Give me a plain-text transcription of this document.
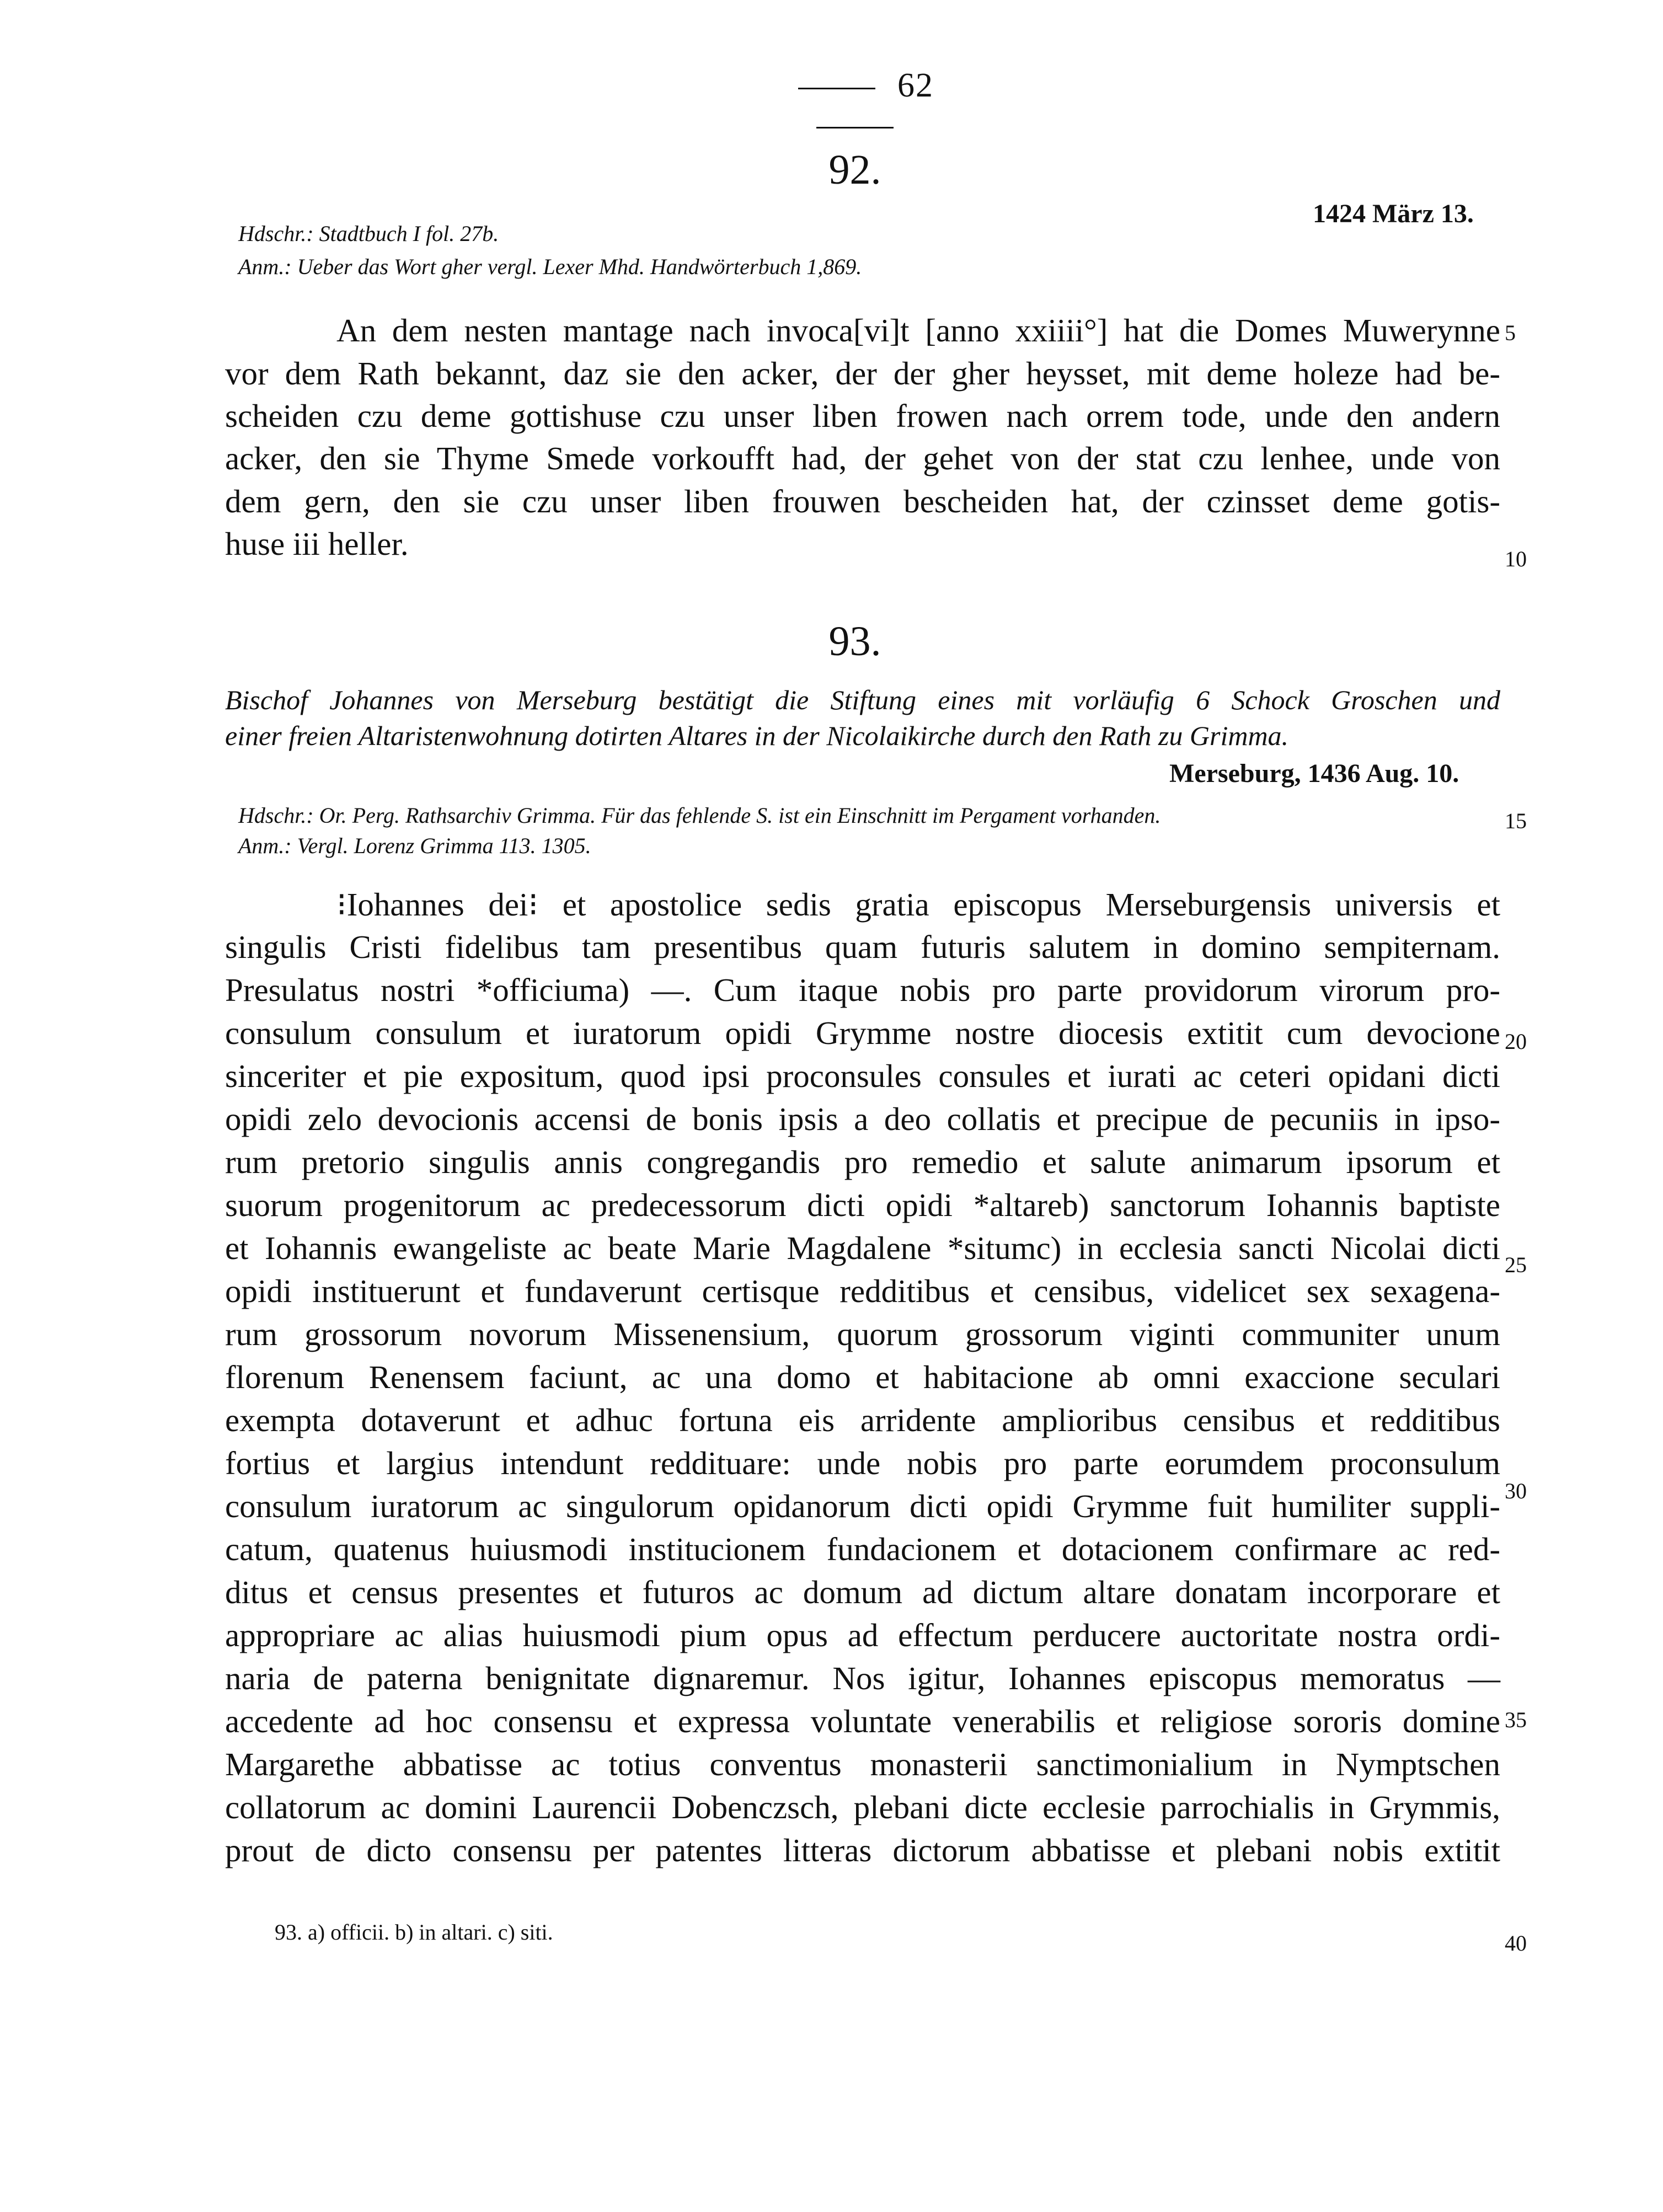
62
92.
1424 März 13.
Hdschr.: Stadtbuch I fol. 27b.
Anm.: Ueber das Wort gher vergl. Lexer Mhd. Handwörterbuch 1,869.
An dem nesten mantage nach invoca[vi]t [anno xxiiii°] hat die Domes Muwerynne
vor dem Rath bekannt, daz sie den acker, der der gher heysset, mit deme holeze had be-
scheiden czu deme gottishuse czu unser liben frowen nach orrem tode, unde den andern
acker, den sie Thyme Smede vorkoufft had, der gehet von der stat czu lenhee, unde von
dem gern, den sie czu unser liben frouwen bescheiden hat, der czinsset deme gotis-
huse iii heller.
93.
Bischof Johannes von Merseburg bestätigt die Stiftung eines mit vorläufig 6 Schock Groschen und
einer freien Altaristenwohnung dotirten Altares in der Nicolaikirche durch den Rath zu Grimma.
Merseburg, 1436 Aug. 10.
Hdschr.: Or. Perg. Rathsarchiv Grimma. Für das fehlende S. ist ein Einschnitt im Pergament vorhanden.
Anm.: Vergl. Lorenz Grimma 113. 1305.
⁝Iohannes dei⁝ et apostolice sedis gratia episcopus Merseburgensis universis et
singulis Cristi fidelibus tam presentibus quam futuris salutem in domino sempiternam.
Presulatus nostri *officiuma) —. Cum itaque nobis pro parte providorum virorum pro-
consulum consulum et iuratorum opidi Grymme nostre diocesis extitit cum devocione
sinceriter et pie expositum, quod ipsi proconsules consules et iurati ac ceteri opidani dicti
opidi zelo devocionis accensi de bonis ipsis a deo collatis et precipue de pecuniis in ipso-
rum pretorio singulis annis congregandis pro remedio et salute animarum ipsorum et
suorum progenitorum ac predecessorum dicti opidi *altareb) sanctorum Iohannis baptiste
et Iohannis ewangeliste ac beate Marie Magdalene *situmc) in ecclesia sancti Nicolai dicti
opidi instituerunt et fundaverunt certisque redditibus et censibus, videlicet sex sexagena-
rum grossorum novorum Missenensium, quorum grossorum viginti communiter unum
florenum Renensem faciunt, ac una domo et habitacione ab omni exaccione seculari
exempta dotaverunt et adhuc fortuna eis arridente amplioribus censibus et redditibus
fortius et largius intendunt reddituare: unde nobis pro parte eorumdem proconsulum
consulum iuratorum ac singulorum opidanorum dicti opidi Grymme fuit humiliter suppli-
catum, quatenus huiusmodi institucionem fundacionem et dotacionem confirmare ac red-
ditus et census presentes et futuros ac domum ad dictum altare donatam incorporare et
appropriare ac alias huiusmodi pium opus ad effectum perducere auctoritate nostra ordi-
naria de paterna benignitate dignaremur. Nos igitur, Iohannes episcopus memoratus —
accedente ad hoc consensu et expressa voluntate venerabilis et religiose sororis domine
Margarethe abbatisse ac totius conventus monasterii sanctimonialium in Nymptschen
collatorum ac domini Laurencii Dobenczsch, plebani dicte ecclesie parrochialis in Grymmis,
prout de dicto consensu per patentes litteras dictorum abbatisse et plebani nobis extitit
5
10
15
20
25
30
35
40
93. a) officii. b) in altari. c) siti.
